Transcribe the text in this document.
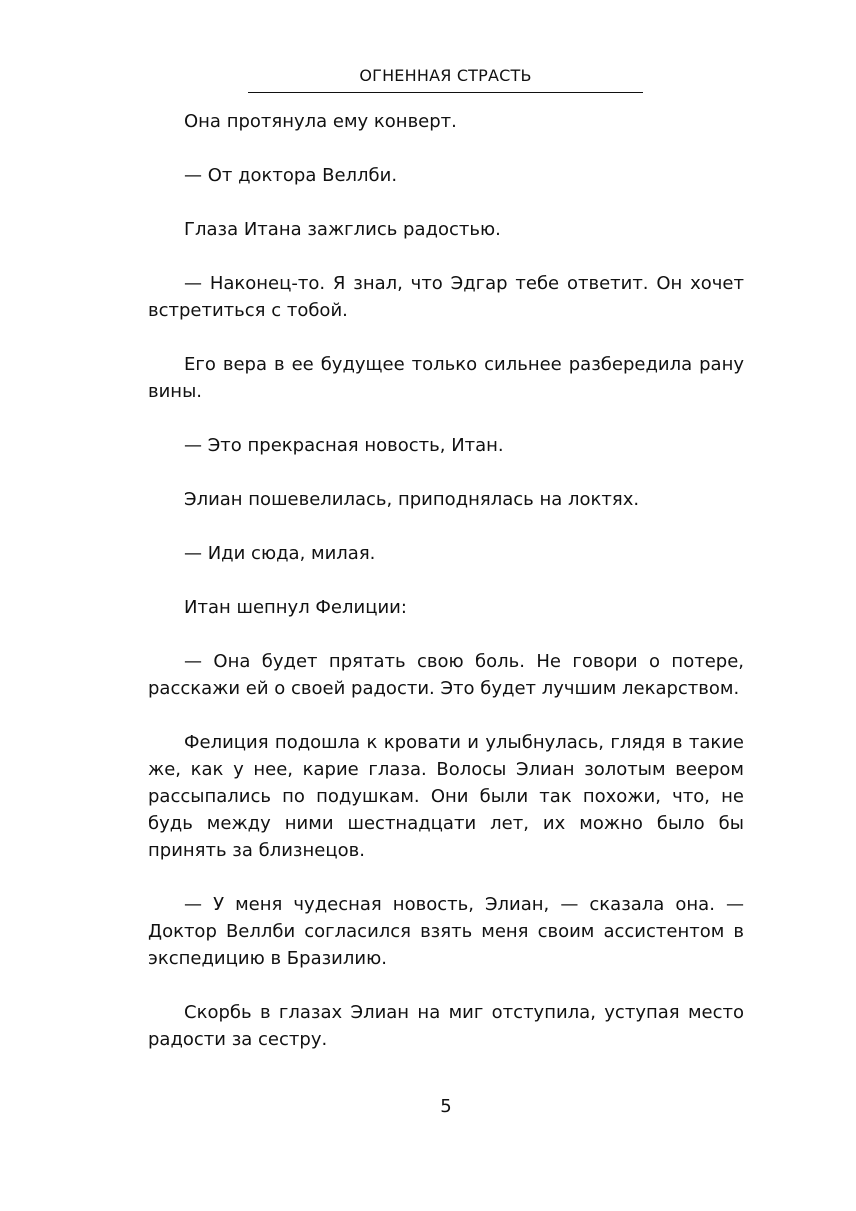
ОГНЕННАЯ СТРАСТЬ

Она протянула ему конверт.

— От доктора Веллби.

Глаза Итана зажглись радостью.

— Наконец-то. Я знал, что Эдгар тебе ответит. Он хочет встретиться с тобой.

Его вера в ее будущее только сильнее разбередила рану вины.

— Это прекрасная новость, Итан.

Элиан пошевелилась, приподнялась на локтях.

— Иди сюда, милая.

Итан шепнул Фелиции:

— Она будет прятать свою боль. Не говори о потере, расскажи ей о своей радости. Это будет лучшим лекарством.

Фелиция подошла к кровати и улыбнулась, глядя в такие же, как у нее, карие глаза. Волосы Элиан золотым веером рассыпались по подушкам. Они были так похожи, что, не будь между ними шестнадцати лет, их можно было бы принять за близнецов.

— У меня чудесная новость, Элиан, — сказала она. — Доктор Веллби согласился взять меня своим ассистентом в экспедицию в Бразилию.

Скорбь в глазах Элиан на миг отступила, уступая место радости за сестру.

5
